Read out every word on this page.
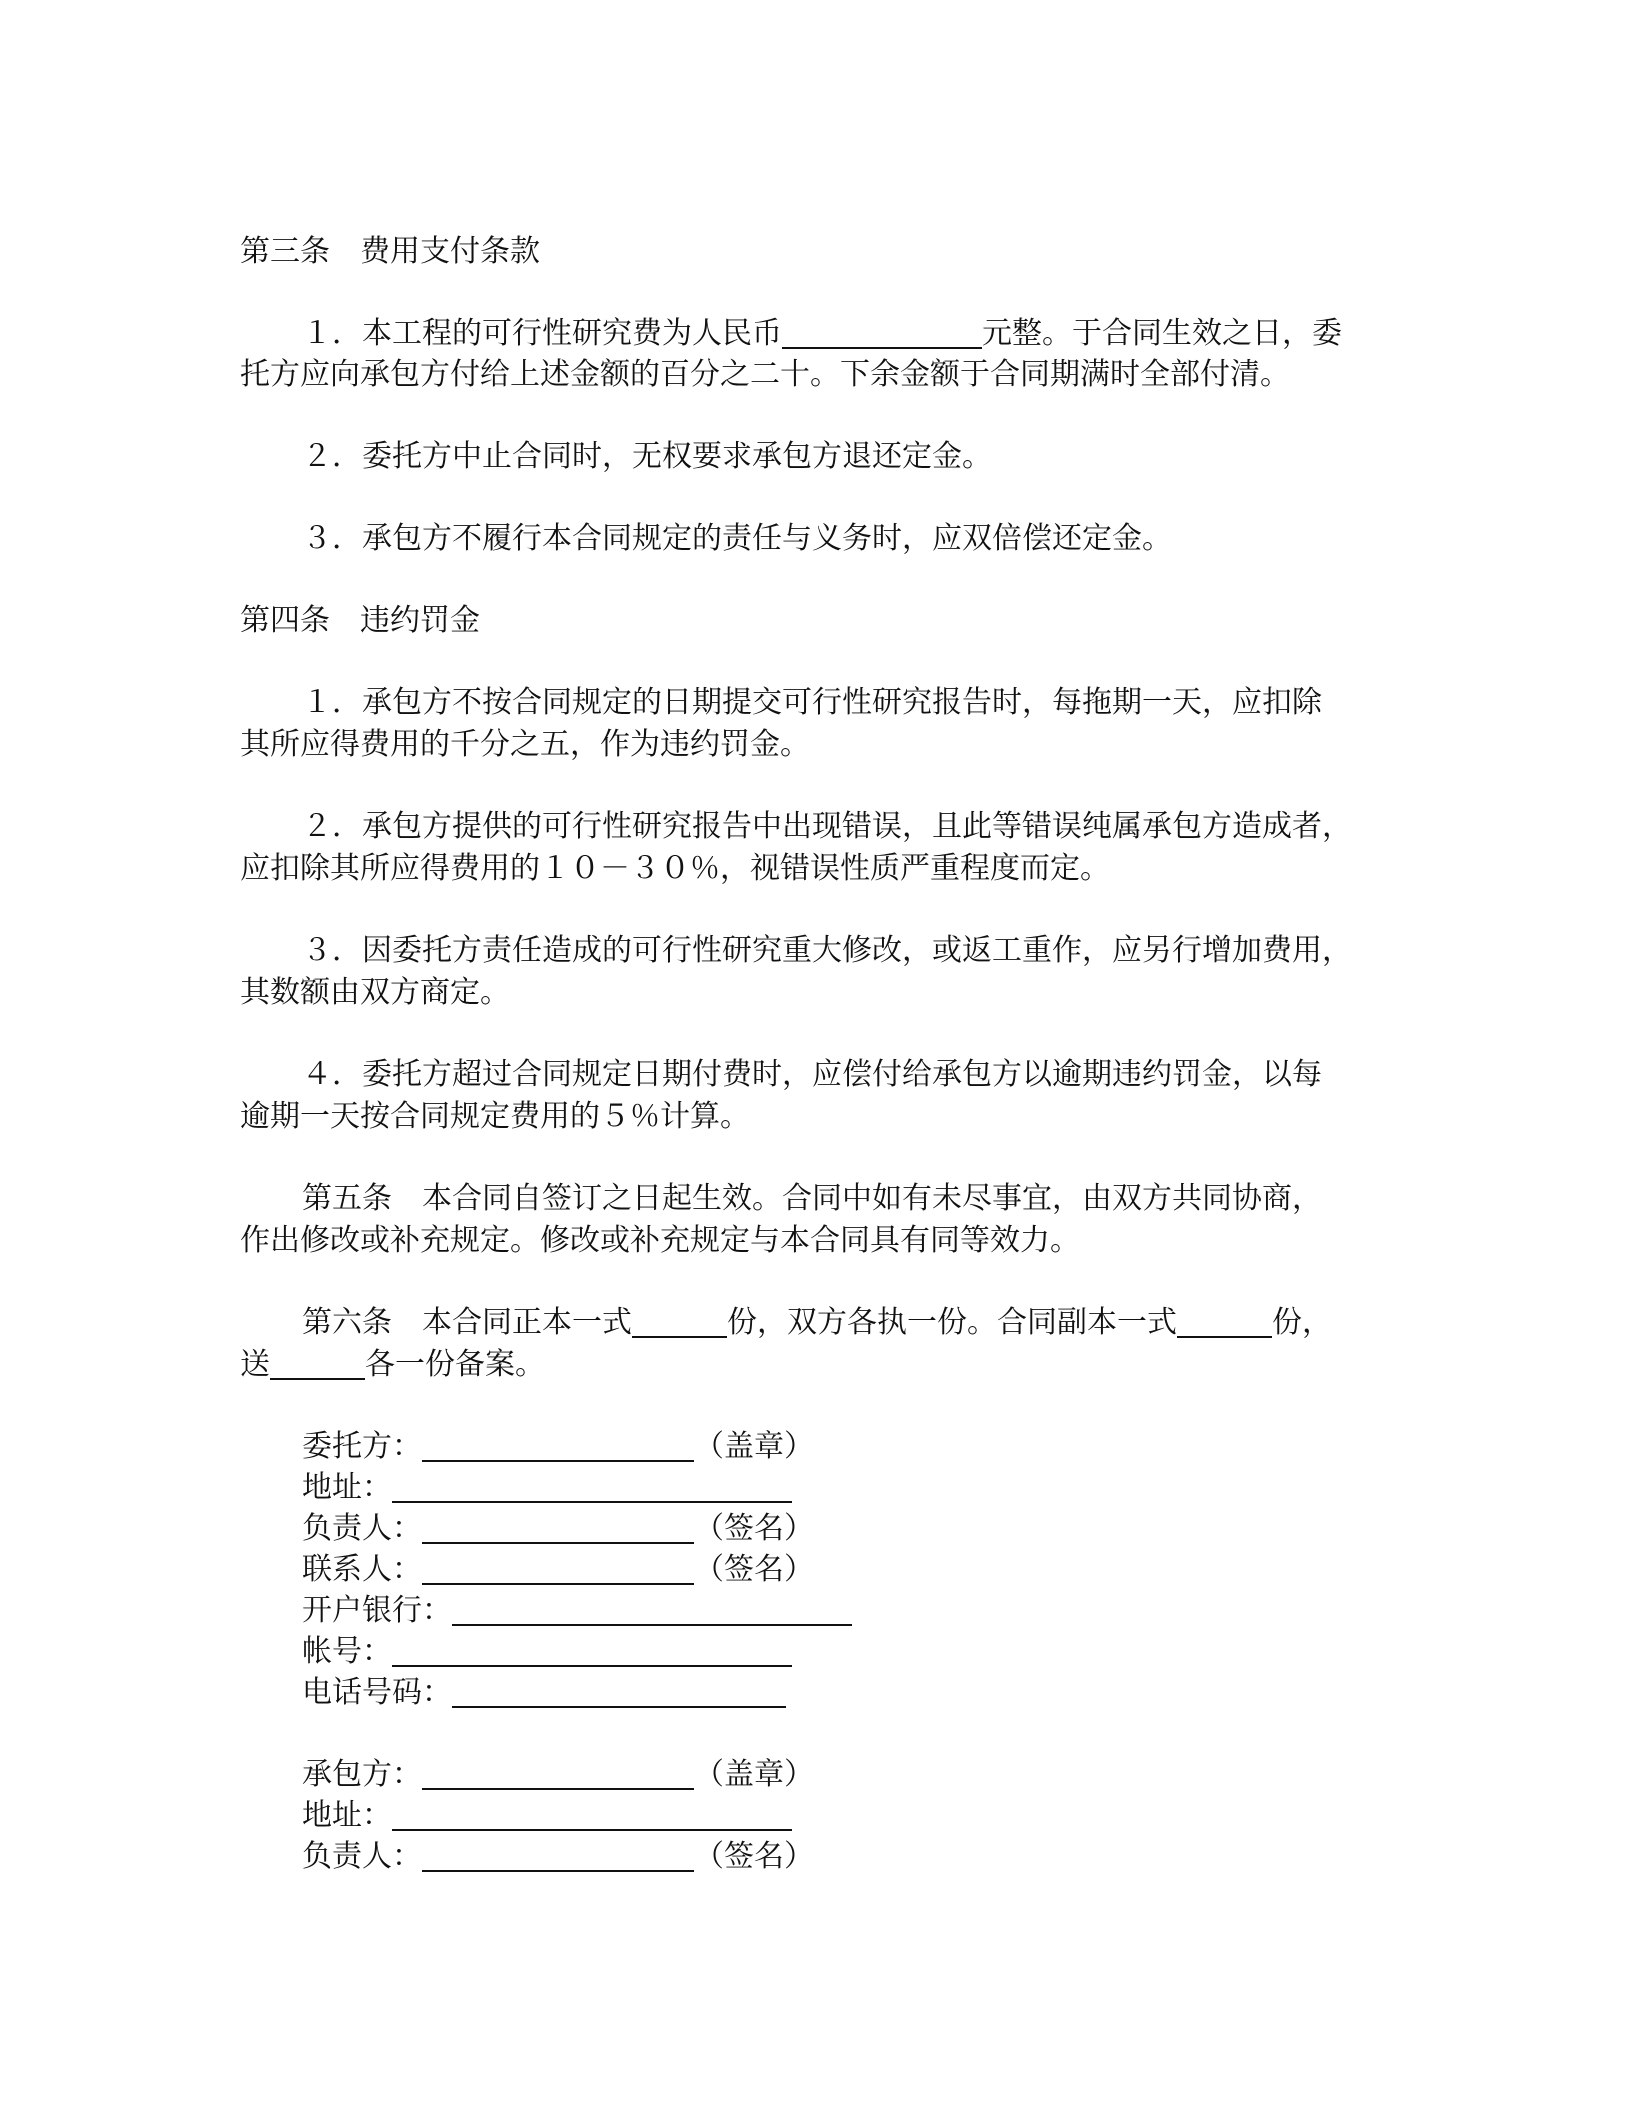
第三条　费用支付条款
１．本工程的可行性研究费为人民币	元整。于合同生效之日，委
托方应向承包方付给上述金额的百分之二十。下余金额于合同期满时全部付清。
２．委托方中止合同时，无权要求承包方退还定金。
３．承包方不履行本合同规定的责任与义务时，应双倍偿还定金。
第四条　违约罚金
１．承包方不按合同规定的日期提交可行性研究报告时，每拖期一天，应扣除
其所应得费用的千分之五，作为违约罚金。
２．承包方提供的可行性研究报告中出现错误，且此等错误纯属承包方造成者，
应扣除其所应得费用的１０－３０％，视错误性质严重程度而定。
３．因委托方责任造成的可行性研究重大修改，或返工重作，应另行增加费用，
其数额由双方商定。
４．委托方超过合同规定日期付费时，应偿付给承包方以逾期违约罚金，以每
逾期一天按合同规定费用的５％计算。
第五条　本合同自签订之日起生效。合同中如有未尽事宜，由双方共同协商，
作出修改或补充规定。修改或补充规定与本合同具有同等效力。
第六条　本合同正本一式	份，双方各执一份。合同副本一式	份，
送	各一份备案。
委托方：	（盖章）
地址：
负责人：	（签名）
联系人：	（签名）
开户银行：
帐号：
电话号码：
承包方：	（盖章）
地址：
负责人：	（签名）
